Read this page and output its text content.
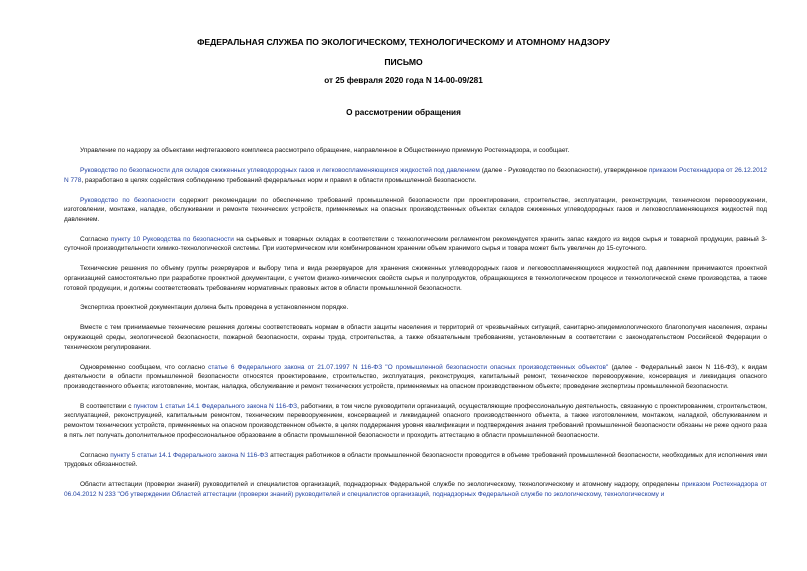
ФЕДЕРАЛЬНАЯ СЛУЖБА ПО ЭКОЛОГИЧЕСКОМУ, ТЕХНОЛОГИЧЕСКОМУ И АТОМНОМУ НАДЗОРУ
ПИСЬМО
от 25 февраля 2020 года N 14-00-09/281
О рассмотрении обращения

Управление по надзору за объектами нефтегазового комплекса рассмотрело обращение, направленное в Общественную приемную Ростехнадзора, и сообщает.

Руководство по безопасности для складов сжиженных углеводородных газов и легковоспламеняющихся жидкостей под давлением (далее - Руководство по безопасности), утвержденное приказом Ростехнадзора от 26.12.2012 N 778, разработано в целях содействия соблюдению требований федеральных норм и правил в области промышленной безопасности.

Руководство по безопасности содержит рекомендации по обеспечению требований промышленной безопасности при проектировании, строительстве, эксплуатации, реконструкции, техническом перевооружении, изготовлении, монтаже, наладке, обслуживании и ремонте технических устройств, применяемых на опасных производственных объектах складов сжиженных углеводородных газов и легковоспламеняющихся жидкостей под давлением.

Согласно пункту 10 Руководства по безопасности на сырьевых и товарных складах в соответствии с технологическим регламентом рекомендуется хранить запас каждого из видов сырья и товарной продукции, равный 3-суточной производительности химико-технологической системы. При изотермическом или комбинированном хранении объем хранимого сырья и товара может быть увеличен до 15-суточного.

Технические решения по объему группы резервуаров и выбору типа и вида резервуаров для хранения сжиженных углеводородных газов и легковоспламеняющихся жидкостей под давлением принимаются проектной организацией самостоятельно при разработке проектной документации, с учетом физико-химических свойств сырья и полупродуктов, обращающихся в технологическом процессе и технологической схеме производства, а также готовой продукции, и должны соответствовать требованиям нормативных правовых актов в области промышленной безопасности.

Экспертиза проектной документации должна быть проведена в установленном порядке.

Вместе с тем принимаемые технические решения должны соответствовать нормам в области защиты населения и территорий от чрезвычайных ситуаций, санитарно-эпидемиологического благополучия населения, охраны окружающей среды, экологической безопасности, пожарной безопасности, охраны труда, строительства, а также обязательным требованиям, установленным в соответствии с законодательством Российской Федерации о техническом регулировании.

Одновременно сообщаем, что согласно статье 6 Федерального закона от 21.07.1997 N 116-ФЗ "О промышленной безопасности опасных производственных объектов" (далее - Федеральный закон N 116-ФЗ), к видам деятельности в области промышленной безопасности относятся проектирование, строительство, эксплуатация, реконструкция, капитальный ремонт, техническое перевооружение, консервация и ликвидация опасного производственного объекта; изготовление, монтаж, наладка, обслуживание и ремонт технических устройств, применяемых на опасном производственном объекте; проведение экспертизы промышленной безопасности.

В соответствии с пунктом 1 статьи 14.1 Федерального закона N 116-ФЗ, работники, в том числе руководители организаций, осуществляющие профессиональную деятельность, связанную с проектированием, строительством, эксплуатацией, реконструкцией, капитальным ремонтом, техническим перевооружением, консервацией и ликвидацией опасного производственного объекта, а также изготовлением, монтажом, наладкой, обслуживанием и ремонтом технических устройств, применяемых на опасном производственном объекте, в целях поддержания уровня квалификации и подтверждения знания требований промышленной безопасности обязаны не реже одного раза в пять лет получать дополнительное профессиональное образование в области промышленной безопасности и проходить аттестацию в области промышленной безопасности.

Согласно пункту 5 статьи 14.1 Федерального закона N 116-ФЗ аттестация работников в области промышленной безопасности проводится в объеме требований промышленной безопасности, необходимых для исполнения ими трудовых обязанностей.

Области аттестации (проверки знаний) руководителей и специалистов организаций, поднадзорных Федеральной службе по экологическому, технологическому и атомному надзору, определены приказом Ростехнадзора от 06.04.2012 N 233 "Об утверждении Областей аттестации (проверки знаний) руководителей и специалистов организаций, поднадзорных Федеральной службе по экологическому, технологическому и
